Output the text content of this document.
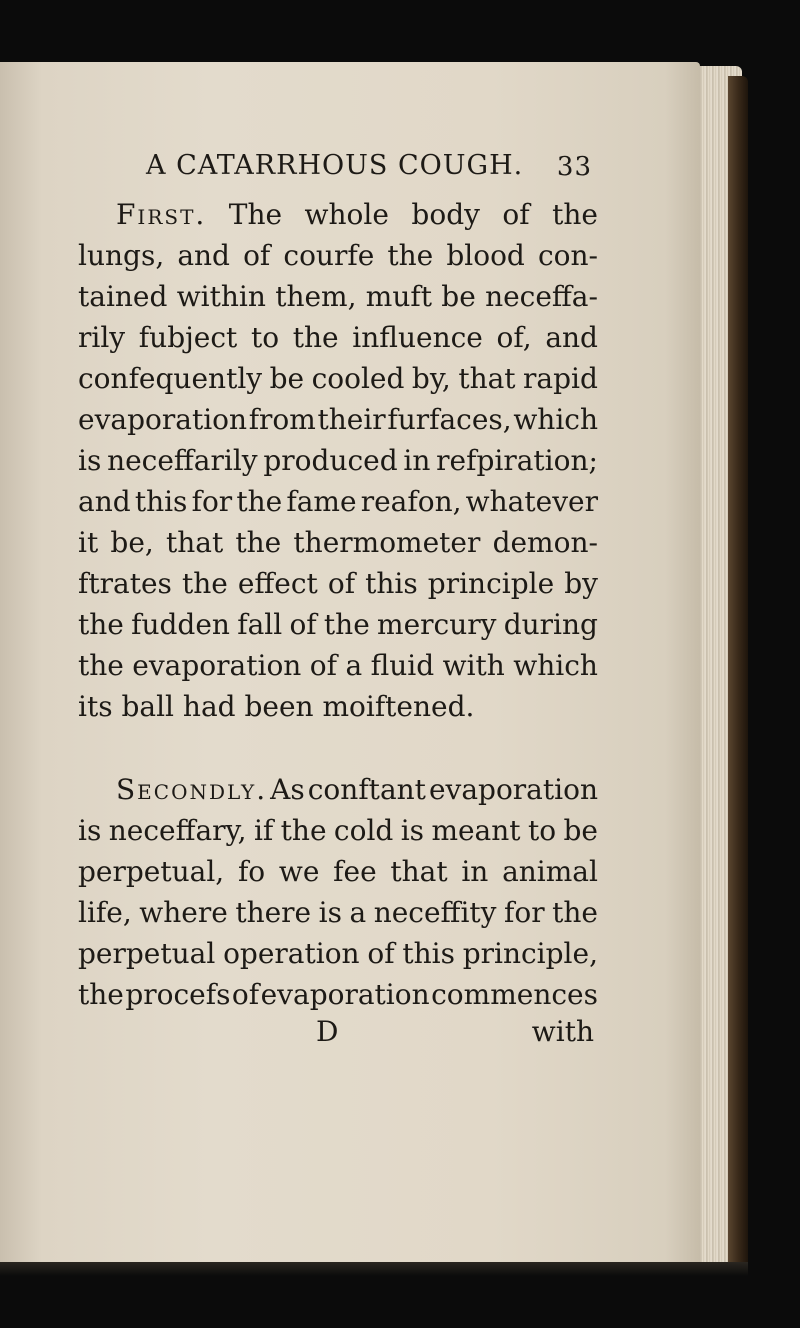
A CATARRHOUS COUGH. 33
First. The whole body of the
lungs, and of courfe the blood con-
tained within them, muft be neceffa-
rily fubject to the influence of, and
confequently be cooled by, that rapid
evaporation from their furfaces, which
is neceffarily produced in refpiration;
and this for the fame reafon, whatever
it be, that the thermometer demon-
ftrates the effect of this principle by
the fudden fall of the mercury during
the evaporation of a fluid with which
its ball had been moiftened.
Secondly. As conftant evaporation
is neceffary, if the cold is meant to be
perpetual, fo we fee that in animal
life, where there is a neceffity for the
perpetual operation of this principle,
the procefs of evaporation commences
D	with
